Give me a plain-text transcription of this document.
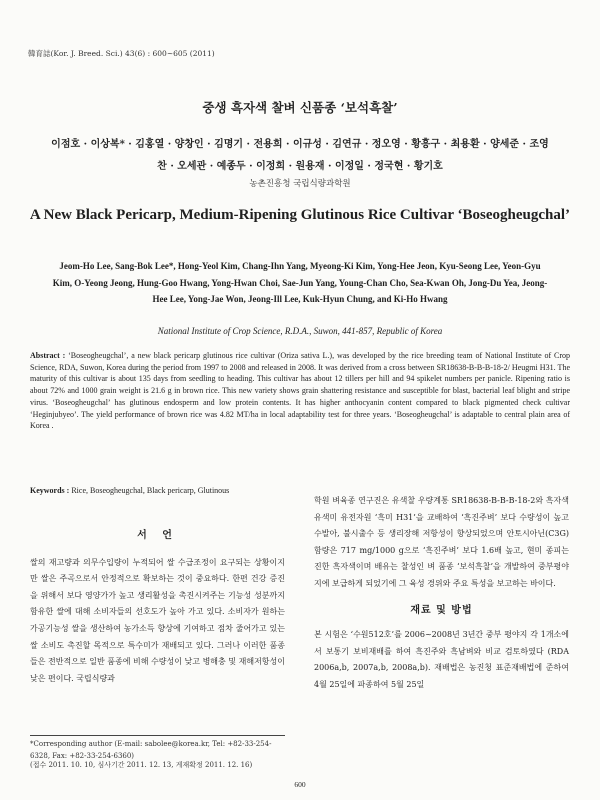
韓育誌(Kor. J. Breed. Sci.) 43(6) : 600~605 (2011)
중생 흑자색 찰벼 신품종 ‘보석흑찰’
이점호 · 이상복* · 김홍열 · 양창인 · 김명기 · 전용희 · 이규성 · 김연규 · 정오영 · 황흥구 · 최용환 · 양세준 · 조영찬 · 오세관 · 예종두 · 이정희 · 원용재 · 이정일 · 정국현 · 황기호
농촌진흥청 국립식량과학원
A New Black Pericarp, Medium-Ripening Glutinous Rice Cultivar ‘Boseogheugchal’
Jeom-Ho Lee, Sang-Bok Lee*, Hong-Yeol Kim, Chang-Ihn Yang, Myeong-Ki Kim, Yong-Hee Jeon, Kyu-Seong Lee, Yeon-Gyu Kim, O-Yeong Jeong, Hung-Goo Hwang, Yong-Hwan Choi, Sae-Jun Yang, Young-Chan Cho, Sea-Kwan Oh, Jong-Du Yea, Jeong-Hee Lee, Yong-Jae Won, Jeong-Ill Lee, Kuk-Hyun Chung, and Ki-Ho Hwang
National Institute of Crop Science, R.D.A., Suwon, 441-857, Republic of Korea
Abstract : ‘Boseogheugchal’, a new black pericarp glutinous rice cultivar (Oriza sativa L.), was developed by the rice breeding team of National Institute of Crop Science, RDA, Suwon, Korea during the period from 1997 to 2008 and released in 2008. It was derived from a cross between SR18638-B-B-B-18-2/ Heugmi H31. The maturity of this cultivar is about 135 days from seedling to heading. This cultivar has about 12 tillers per hill and 94 spikelet numbers per panicle. Ripening ratio is about 72% and 1000 grain weight is 21.6 g in brown rice. This new variety shows grain shattering resistance and susceptible for blast, bacterial leaf blight and stripe virus. ‘Boseogheugchal’ has glutinous endosperm and low protein contents. It has higher anthocyanin content compared to black pigmented check cultivar ‘Heginjubyeo’. The yield performance of brown rice was 4.82 MT/ha in local adaptability test for three years. ‘Boseogheugchal’ is adaptable to central plain area of Korea .
Keywords : Rice, Boseogheugchal, Black pericarp, Glutinous
서 언
쌀의 재고량과 의무수입량이 누적되어 쌀 수급조정이 요구되는 상황이지만 쌀은 주곡으로서 안정적으로 확보하는 것이 중요하다. 한편 건강 증진을 위해서 보다 영양가가 높고 생리활성을 촉진시켜주는 기능성 성분까지 함유한 쌀에 대해 소비자들의 선호도가 높아 가고 있다. 소비자가 원하는 가공기능성 쌀을 생산하여 농가소득 향상에 기여하고 점차 줄어가고 있는 쌀 소비도 촉진할 목적으로 특수미가 재배되고 있다. 그러나 이러한 품종들은 전반적으로 일반 품종에 비해 수량성이 낮고 병해충 및 재해저항성이 낮은 편이다. 국립식량과
학원 벼육종 연구진은 유색찰 우량계통 SR18638-B-B-B-18-2와 흑자색 유색미 유전자원 ‘흑미 H31’을 교배하여 ‘흑진주벼’ 보다 수량성이 높고 수발아, 불시출수 등 생리장해 저항성이 향상되었으며 안토시아닌(C3G) 함량은 717 mg/1000 g으로 ‘흑진주벼’ 보다 1.6배 높고, 현미 종피는 진한 흑자색이며 배유는 찰성인 벼 품종 ‘보석흑찰’을 개발하여 중부평야지에 보급하게 되었기에 그 육성 경위와 주요 특성을 보고하는 바이다.
재료 및 방법
본 시험은 ‘수원512호’를 2006~2008년 3년간 중부 평야지 각 1개소에서 보통기 보비재배를 하여 흑진주와 흑남벼와 비교 검토하였다 (RDA 2006a,b, 2007a,b, 2008a,b). 재배법은 농진청 표준재배법에 준하여 4월 25일에 파종하여 5월 25일
*Corresponding author (E-mail: sabolee@korea.kr, Tel: +82-33-254-6328, Fax: +82-33-254-6360)
(접수 2011. 10. 10, 심사기간 2011. 12. 13, 게재확정 2011. 12. 16)
600
